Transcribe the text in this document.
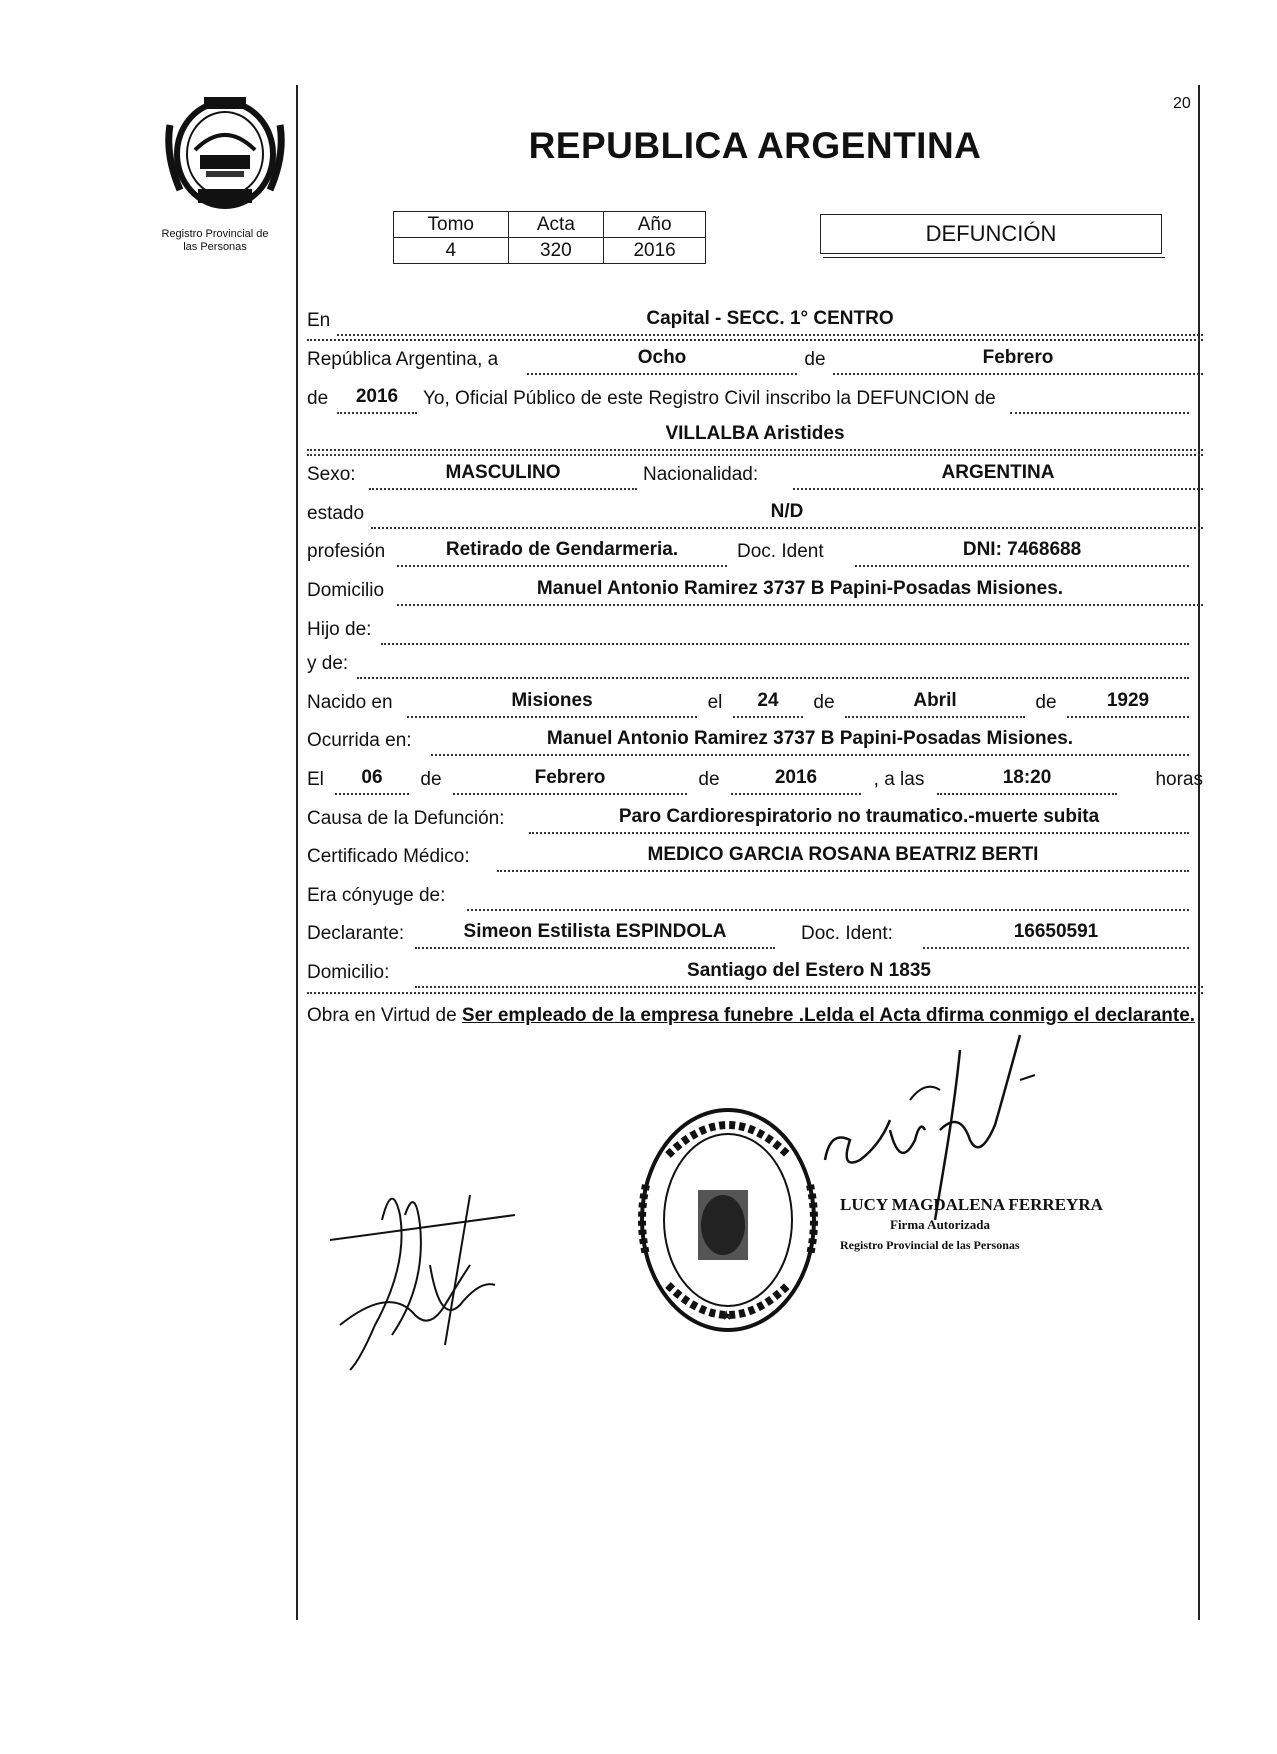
20
Registro Provincial de
las Personas
REPUBLICA ARGENTINA
Tomo	Acta	Año
4	320	2016
DEFUNCIÓN
En	Capital - SECC. 1° CENTRO
República Argentina, a	Ocho	de	Febrero
de	2016	Yo, Oficial Público de este Registro Civil inscribo la DEFUNCION de
VILLALBA Aristides
Sexo:	MASCULINO	Nacionalidad:	ARGENTINA
estado	N/D
profesión	Retirado de Gendarmeria.	Doc. Ident	DNI: 7468688
Domicilio	Manuel Antonio Ramirez 3737 B Papini-Posadas Misiones.
Hijo de:
y de:
Nacido en	Misiones	el	24	de	Abril	de	1929
Ocurrida en:	Manuel Antonio Ramirez 3737 B Papini-Posadas Misiones.
El	06	de	Febrero	de	2016	, a las	18:20	horas
Causa de la Defunción:	Paro Cardiorespiratorio no traumatico.-muerte subita
Certificado Médico:	MEDICO GARCIA ROSANA BEATRIZ BERTI
Era cónyuge de:
Declarante:	Simeon Estilista ESPINDOLA	Doc. Ident:	16650591
Domicilio:	Santiago del Estero N 1835
Obra en Virtud de Ser empleado de la empresa funebre .Lelda el Acta dfirma conmigo el declarante.
LUCY MAGDALENA FERREYRA
Firma Autorizada
Registro Provincial de las Personas
